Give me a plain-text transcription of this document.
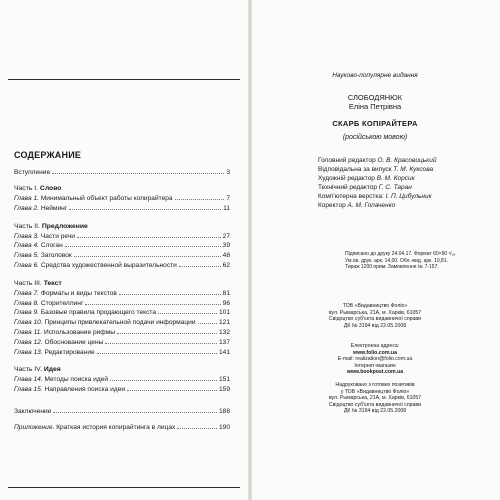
СОДЕРЖАНИЕ
Вступление	3
Часть I. Слово
Глава 1. Минимальный объект работы копирайтера	7
Глава 2. Нейминг	11
Часть II. Предложение
Глава 3. Части речи	27
Глава 4. Слоган	39
Глава 5. Заголовок	48
Глава 6. Средства художественной выразительности	62
Часть III. Текст
Глава 7. Форматы и виды текстов	81
Глава 8. Сторителлинг	96
Глава 9. Базовые правила продающего текста	101
Глава 10. Принципы привлекательной подачи информации	121
Глава 11. Использование рифмы	132
Глава 12. Обоснование цены	137
Глава 13. Редактирование	141
Часть IV. Идея
Глава 14. Методы поиска идей	151
Глава 15. Направления поиска идеи	159
Заключение	188
Приложение. Краткая история копирайтинга в лицах	190
Науково-популярне видання
СЛОБОДЯНЮК
Еліна Петрівна
СКАРБ КОПІРАЙТЕРА
(російською мовою)
Головний редактор О. В. Красовицький
Відповідальна за випуск Т. М. Куксова
Художній редактор В. М. Корсик
Технічний редактор Г. С. Таран
Комп'ютерна верстка: І. П. Цибульник
Коректор А. М. Гопаченко
Підписано до друку 24.04.17. Формат 60×90 ¹/₁₆.
Ум.ов. друк. арк. 14,00. Обл.-вид. арк. 10,81.
Тираж 1200 прим. Замовлення № 7-157.
ТОВ «Видавництво Фоліо»
вул. Рымарська, 21А, м. Харків, 61057
Свідоцтво суб'єкта видавничої справи
ДК № 3194 від 22.05.2008
Електронна адреса:
www.folio.com.ua
E-mail: realization@folio.com.ua
Інтернет-магазин
www.bookpost.com.ua
Надруковано з готових позитивів
у ТОВ «Видавництво Фоліо»
вул. Рымарська, 21А, м. Харків, 61057
Свідоцтво суб'єкта видавничої справи
ДК № 3194 від 22.05.2008
